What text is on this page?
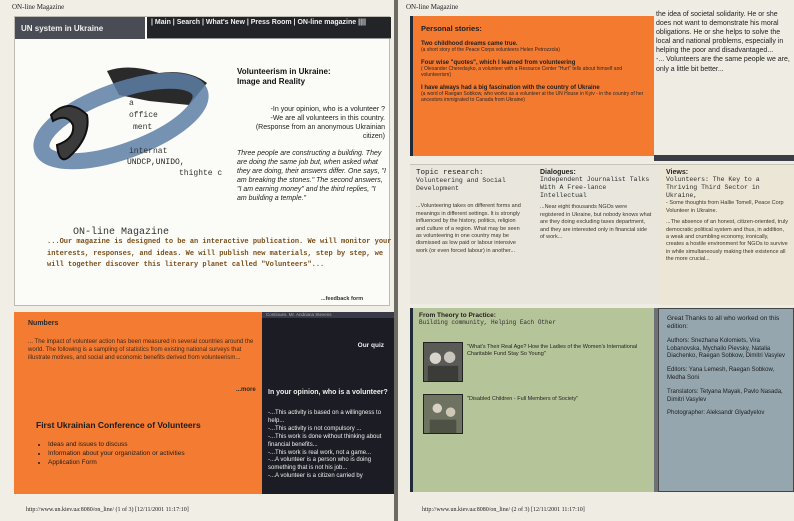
ON-line Magazine
UN system in Ukraine
| Main | Search | What's New | Press Room | ON-line magazine ||||
a
office
ment
internat
UNDCP,UNIDO,
thighte c
Volunteerism in Ukraine:
Image and Reality
-In your opinion, who is a volunteer ?
-We are all volunteers in this country.
(Response from an anonymous Ukrainian citizen)
Three people are constructing a building. They are doing the same job but, when asked what they are doing, their answers differ. One says, "I am breaking the stones." The second answers, "I am earning money" and the third replies, "I am building a temple."
ON-line Magazine
...Our magazine is designed to be an interactive publication. We will monitor your interests, responses, and ideas. We will publish new materials, step by step, we will together discover this literary planet called "Volunteers"...
...feedback form
Numbers
... The impact of volunteer action has been measured in several countries around the world. The following is a sampling of statistics from existing national surveys that illustrate motives, and social and economic benefits derived from volunteerism...
...more
First Ukrainian Conference of Volunteers
• Ideas and issues to discuss
• Information about your organization or activities
• Application Form
Continues. Mr. Andriana Stevens
Our quiz
In your opinion, who is a volunteer?
-...This activity is based on a willingness to help...
-...This activity is not compulsory ...
-...This work is done without thinking about financial benefits...
-...This work is real work, not a game...
-...A volunteer is a person who is doing something that is not his job...
-...A volunteer is a citizen carried by
http://www.un.kiev.ua:8080/on_line/ (1 of 3) [12/11/2001 11:17:10]
ON-line Magazine
the idea of societal solidarity. He or she does not want to demonstrate his moral obligations. He or she helps to solve the local and national problems, especially in helping the poor and disadvantaged...
-... Volunteers are the same people we are, only a little bit better...
Personal stories:
Two childhood dreams came true.
(a short story of the Peace Corps volunteers Helen Petrozzola)
Four wise "quotes", which I learned from volunteering
( Olexander Cheredayko, a volunteer with a Resource Center "Hurt" tells about himself and volunteerism)
I have always had a big fascination with the country of Ukraine
(a word of Raegan Sobkow, who works as a volunteer at the UN House in Kyiv - in the country of her ancestors immigrated to Canada from Ukraine)
Topic research:
Volunteering and Social Development
...Volunteering takes on different forms and meanings in different settings. It is strongly influenced by the history, politics, religion and culture of a region. What may be seen as volunteering in one country may be dismissed as low paid or labour intensive work (or even forced labour) in another...
Dialogues:
Independent Journalist Talks With A Free-lance Intellectual
...Near eight thousands NGOs were registered in Ukraine, but nobody knows what are they doing excluding taxes department, and they are interested only in financial side of work...
Views:
Volunteers: The Key to a Thriving Third Sector in Ukraine,
- Some thoughts from Hallie Tomell, Peace Corp Volunteer in Ukraine.
...The absence of an honest, citizen-oriented, truly democratic political system and thus, in addition, a weak and crumbling economy, ironically, creates a hostile environment for NGOs to survive in while simultaneously making their existence all the more crucial...
From Theory to Practice:
Building community, Helping Each Other
"What's Their Real Age? How the Ladies of the Women's International Charitable Fund Stay So Young"
"Disabled Children - Full Members of Society"

Great Thanks to all who worked on this edition:

Authors: Snezhana Kolomiets, Vira Lobanovska, Mychailo Pievsky, Natalia Diachenko, Raegan Sobkow, Dimitri Vasylev

Editors: Yana Lemesh, Raegan Sobkow, Medha Soni

Translators: Tetyana Mayak, Pavlo Nasada, Dimitri Vasylev

Photographer: Aleksandr Glyadyelov

http://www.un.kiev.ua:8080/on_line/ (2 of 3) [12/11/2001 11:17:10]
